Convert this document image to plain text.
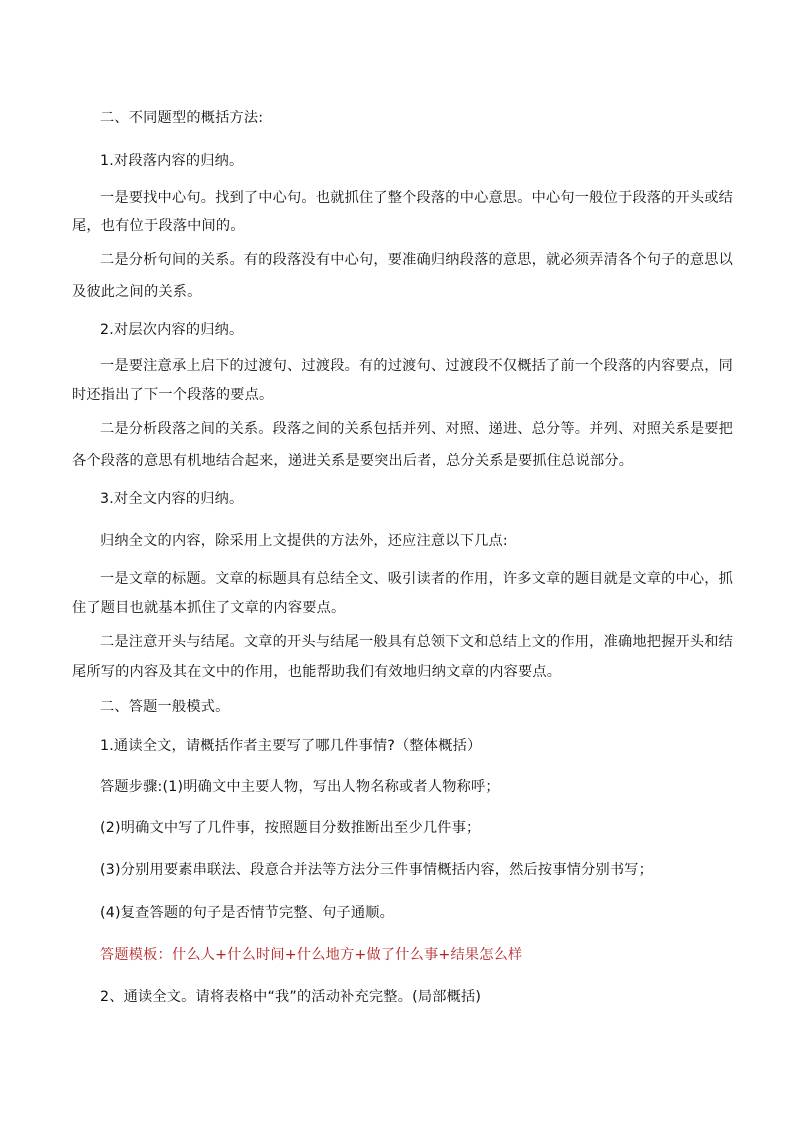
二、不同题型的概括方法:
1.对段落内容的归纳。
一是要找中心句。找到了中心句。也就抓住了整个段落的中心意思。中心句一般位于段落的开头或结
尾，也有位于段落中间的。
二是分析句间的关系。有的段落没有中心句，要准确归纳段落的意思，就必须弄清各个句子的意思以
及彼此之间的关系。
2.对层次内容的归纳。
一是要注意承上启下的过渡句、过渡段。有的过渡句、过渡段不仅概括了前一个段落的内容要点，同
时还指出了下一个段落的要点。
二是分析段落之间的关系。段落之间的关系包括并列、对照、递进、总分等。并列、对照关系是要把
各个段落的意思有机地结合起来，递进关系是要突出后者，总分关系是要抓住总说部分。
3.对全文内容的归纳。
归纳全文的内容，除采用上文提供的方法外，还应注意以下几点:
一是文章的标题。文章的标题具有总结全文、吸引读者的作用，许多文章的题目就是文章的中心，抓
住了题目也就基本抓住了文章的内容要点。
二是注意开头与结尾。文章的开头与结尾一般具有总领下文和总结上文的作用，准确地把握开头和结
尾所写的内容及其在文中的作用，也能帮助我们有效地归纳文章的内容要点。
二、答题一般模式。
1.通读全文，请概括作者主要写了哪几件事情?（整体概括）
答题步骤:(1)明确文中主要人物，写出人物名称或者人物称呼；
(2)明确文中写了几件事，按照题目分数推断出至少几件事；
(3)分别用要素串联法、段意合并法等方法分三件事情概括内容，然后按事情分别书写；
(4)复查答题的句子是否情节完整、句子通顺。
答题模板：什么人+什么时间+什么地方+做了什么事+结果怎么样
2、通读全文。请将表格中“我”的活动补充完整。(局部概括)
